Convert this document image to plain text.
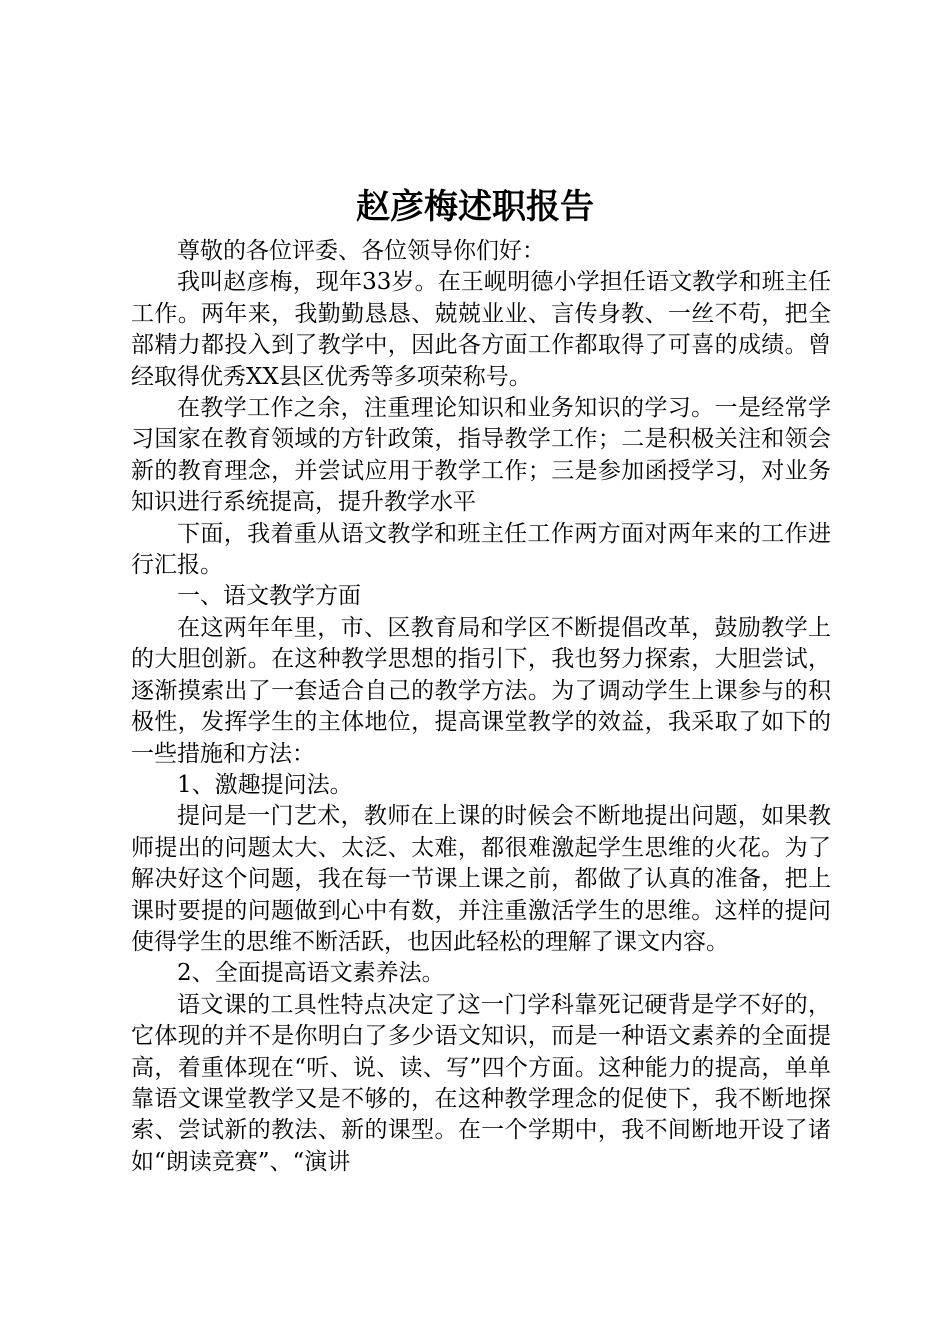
赵彦梅述职报告

尊敬的各位评委、各位领导你们好：

我叫赵彦梅，现年33岁。在王岘明德小学担任语文教学和班主任工作。两年来，我勤勤恳恳、兢兢业业、言传身教、一丝不苟，把全部精力都投入到了教学中，因此各方面工作都取得了可喜的成绩。曾经取得优秀XX县区优秀等多项荣称号。

在教学工作之余，注重理论知识和业务知识的学习。一是经常学习国家在教育领域的方针政策，指导教学工作；二是积极关注和领会新的教育理念，并尝试应用于教学工作；三是参加函授学习，对业务知识进行系统提高，提升教学水平

下面，我着重从语文教学和班主任工作两方面对两年来的工作进行汇报。

一、语文教学方面

在这两年年里，市、区教育局和学区不断提倡改革，鼓励教学上的大胆创新。在这种教学思想的指引下，我也努力探索，大胆尝试，逐渐摸索出了一套适合自己的教学方法。为了调动学生上课参与的积极性，发挥学生的主体地位，提高课堂教学的效益，我采取了如下的一些措施和方法：

1、激趣提问法。

提问是一门艺术，教师在上课的时候会不断地提出问题，如果教师提出的问题太大、太泛、太难，都很难激起学生思维的火花。为了解决好这个问题，我在每一节课上课之前，都做了认真的准备，把上课时要提的问题做到心中有数，并注重激活学生的思维。这样的提问使得学生的思维不断活跃，也因此轻松的理解了课文内容。

2、全面提高语文素养法。

语文课的工具性特点决定了这一门学科靠死记硬背是学不好的，它体现的并不是你明白了多少语文知识，而是一种语文素养的全面提高，着重体现在“听、说、读、写”四个方面。这种能力的提高，单单靠语文课堂教学又是不够的，在这种教学理念的促使下，我不断地探索、尝试新的教法、新的课型。在一个学期中，我不间断地开设了诸如“朗读竞赛”、“演讲
